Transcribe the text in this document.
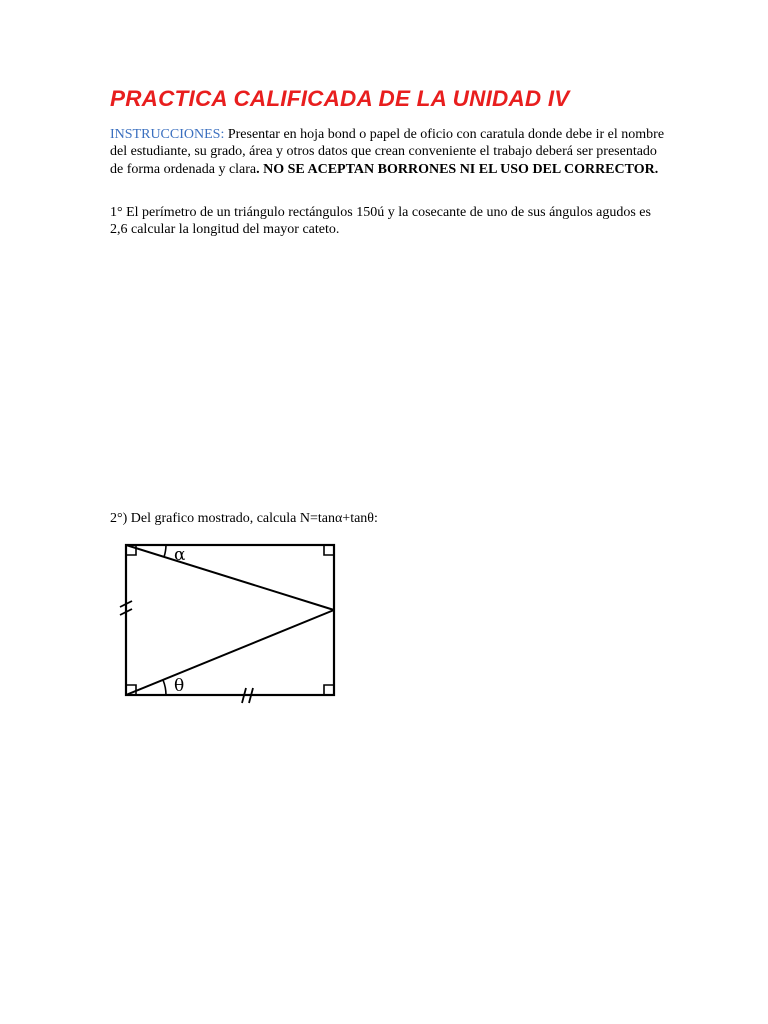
PRACTICA CALIFICADA DE LA UNIDAD IV

INSTRUCCIONES: Presentar en hoja bond o papel de oficio con caratula donde debe ir el nombre del estudiante, su grado, área y otros datos que crean conveniente el trabajo deberá ser presentado de forma ordenada y clara. NO SE ACEPTAN BORRONES NI EL USO DEL CORRECTOR.

1° El perímetro de un triángulo rectángulos 150ú y la cosecante de uno de sus ángulos agudos es 2,6 calcular la longitud del mayor cateto.

2°) Del grafico mostrado, calcula N=tanα+tanθ:

α
θ
